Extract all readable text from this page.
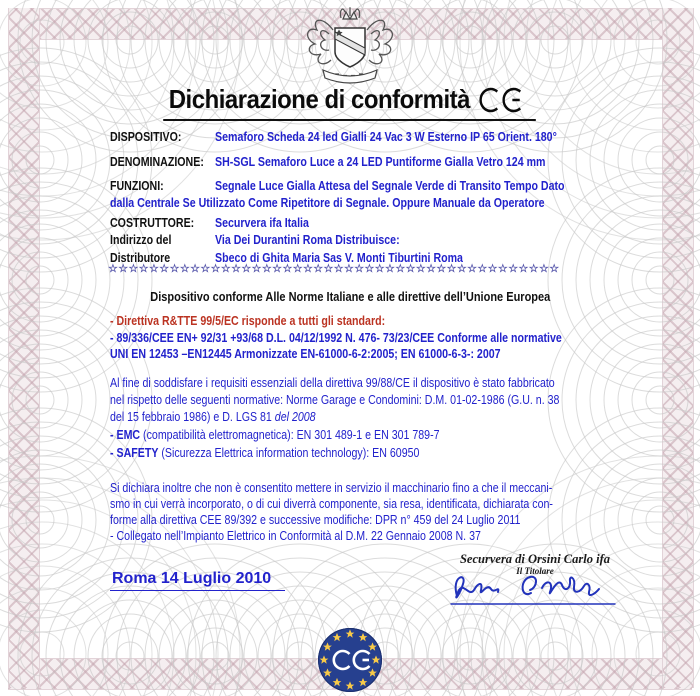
Dichiarazione di conformità
DISPOSITIVO:	Semaforo Scheda 24 led Gialli 24 Vac 3 W Esterno IP 65 Orient. 180°
DENOMINAZIONE: SH-SGL Semaforo Luce a 24 LED Puntiforme Gialla Vetro 124 mm
FUNZIONI:	Segnale Luce Gialla Attesa del Segnale Verde di Transito Tempo Dato
dalla Centrale Se Utilizzato Come Ripetitore di Segnale. Oppure Manuale da Operatore
COSTRUTTORE: Securvera ifa Italia
Indirizzo del	Via Dei Durantini Roma Distribuisce:
Distributore	Sbeco di Ghita Maria Sas V. Monti Tiburtini Roma
☆☆☆☆☆☆☆☆☆☆☆☆☆☆☆☆☆☆☆☆☆☆☆☆☆☆☆☆☆☆☆☆☆☆☆☆☆☆☆☆☆☆☆☆
Dispositivo conforme Alle Norme Italiane e alle direttive dell’Unione Europea
- Direttiva R&TTE 99/5/EC risponde a tutti gli standard:
- 89/336/CEE EN+ 92/31 +93/68 D.L. 04/12/1992 N. 476- 73/23/CEE Conforme alle normative
UNI EN 12453 –EN12445 Armonizzate EN-61000-6-2:2005; EN 61000-6-3-: 2007
Al fine di soddisfare i requisiti essenziali della direttiva 99/88/CE il dispositivo è stato fabbricato
nel rispetto delle seguenti normative: Norme Garage e Condomini: D.M. 01-02-1986 (G.U. n. 38
del 15 febbraio 1986) e D. LGS 81 del 2008
- EMC (compatibilità elettromagnetica): EN 301 489-1 e EN 301 789-7
- SAFETY (Sicurezza Elettrica information technology): EN 60950
Si dichiara inoltre che non è consentito mettere in servizio il macchinario fino a che il meccani-
smo in cui verrà incorporato, o di cui diverrà componente, sia resa, identificata, dichiarata con-
forme alla direttiva CEE 89/392 e successive modifiche: DPR n° 459 del 24 Luglio 2011
- Collegato nell’Impianto Elettrico in Conformità al D.M. 22 Gennaio 2008 N. 37
Roma 14 Luglio 2010
Securvera di Orsini Carlo ifa
Il Titolare
